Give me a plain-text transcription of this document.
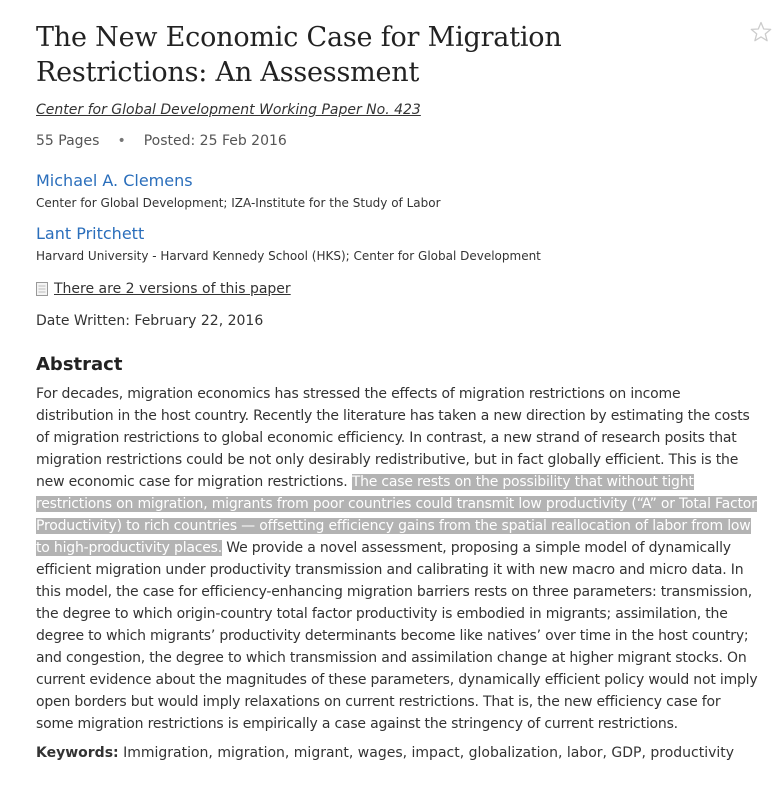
The New Economic Case for Migration Restrictions: An Assessment
Center for Global Development Working Paper No. 423
55 Pages • Posted: 25 Feb 2016
Michael A. Clemens
Center for Global Development; IZA-Institute for the Study of Labor
Lant Pritchett
Harvard University - Harvard Kennedy School (HKS); Center for Global Development
There are 2 versions of this paper
Date Written: February 22, 2016
Abstract
For decades, migration economics has stressed the effects of migration restrictions on income distribution in the host country. Recently the literature has taken a new direction by estimating the costs of migration restrictions to global economic efficiency. In contrast, a new strand of research posits that migration restrictions could be not only desirably redistributive, but in fact globally efficient. This is the new economic case for migration restrictions. The case rests on the possibility that without tight restrictions on migration, migrants from poor countries could transmit low productivity (“A” or Total Factor Productivity) to rich countries — offsetting efficiency gains from the spatial reallocation of labor from low to high-productivity places. We provide a novel assessment, proposing a simple model of dynamically efficient migration under productivity transmission and calibrating it with new macro and micro data. In this model, the case for efficiency-enhancing migration barriers rests on three parameters: transmission, the degree to which origin-country total factor productivity is embodied in migrants; assimilation, the degree to which migrants’ productivity determinants become like natives’ over time in the host country; and congestion, the degree to which transmission and assimilation change at higher migrant stocks. On current evidence about the magnitudes of these parameters, dynamically efficient policy would not imply open borders but would imply relaxations on current restrictions. That is, the new efficiency case for some migration restrictions is empirically a case against the stringency of current restrictions.
Keywords: Immigration, migration, migrant, wages, impact, globalization, labor, GDP, productivity
